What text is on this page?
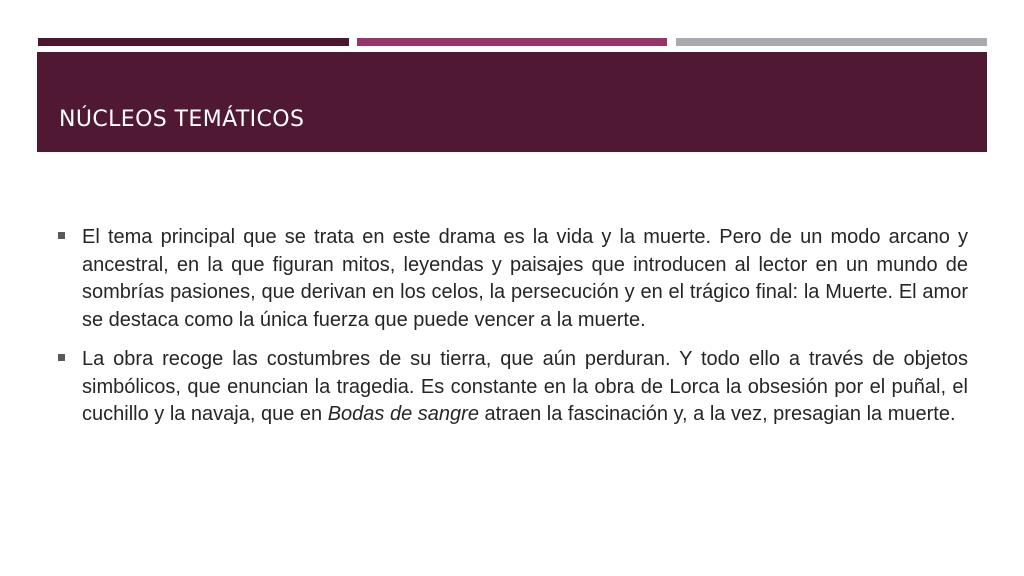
NÚCLEOS TEMÁTICOS

El tema principal que se trata en este drama es la vida y la muerte. Pero de un modo arcano y ancestral, en la que figuran mitos, leyendas y paisajes que introducen al lector en un mundo de sombrías pasiones, que derivan en los celos, la persecución y en el trágico final: la Muerte. El amor se destaca como la única fuerza que puede vencer a la muerte.

La obra recoge las costumbres de su tierra, que aún perduran. Y todo ello a través de objetos simbólicos, que enuncian la tragedia. Es constante en la obra de Lorca la obsesión por el puñal, el cuchillo y la navaja, que en Bodas de sangre atraen la fascinación y, a la vez, presagian la muerte.
